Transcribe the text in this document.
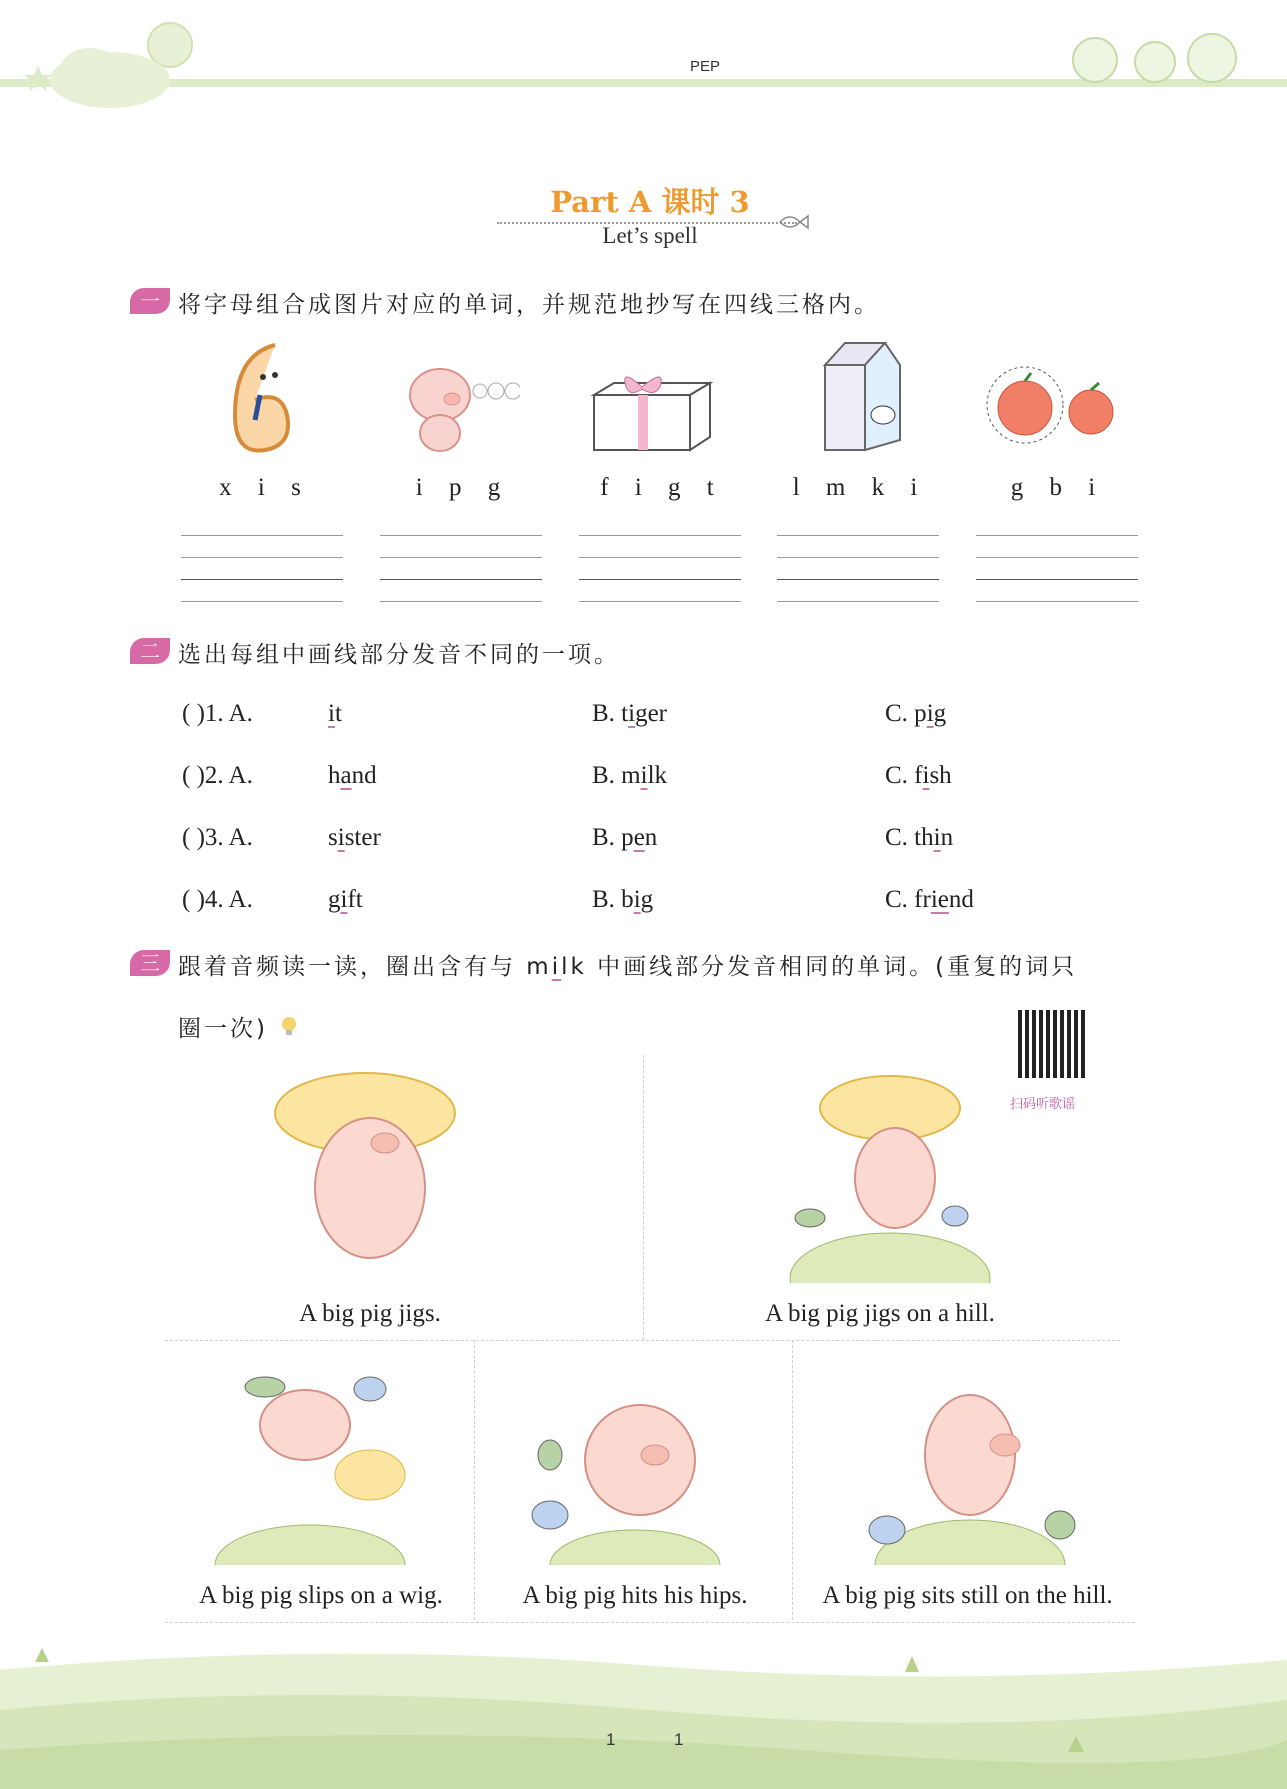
PEP
Part A 课时 3
Let’s spell
一 将字母组合成图片对应的单词，并规范地抄写在四线三格内。
x i s	i p g	f i g t	l m k i	g b i
二 选出每组中画线部分发音不同的一项。
( )1. A.	it	B. tiger	C. pig
( )2. A.	hand	B. milk	C. fish
( )3. A.	sister	B. pen	C. thin
( )4. A.	gift	B. big	C. friend
三 跟着音频读一读，圈出含有与 milk 中画线部分发音相同的单词。(重复的词只
圈一次)
扫码听歌谣
A big pig jigs.	A big pig jigs on a hill.
A big pig slips on a wig.	A big pig hits his hips.	A big pig sits still on the hill.
1	1
